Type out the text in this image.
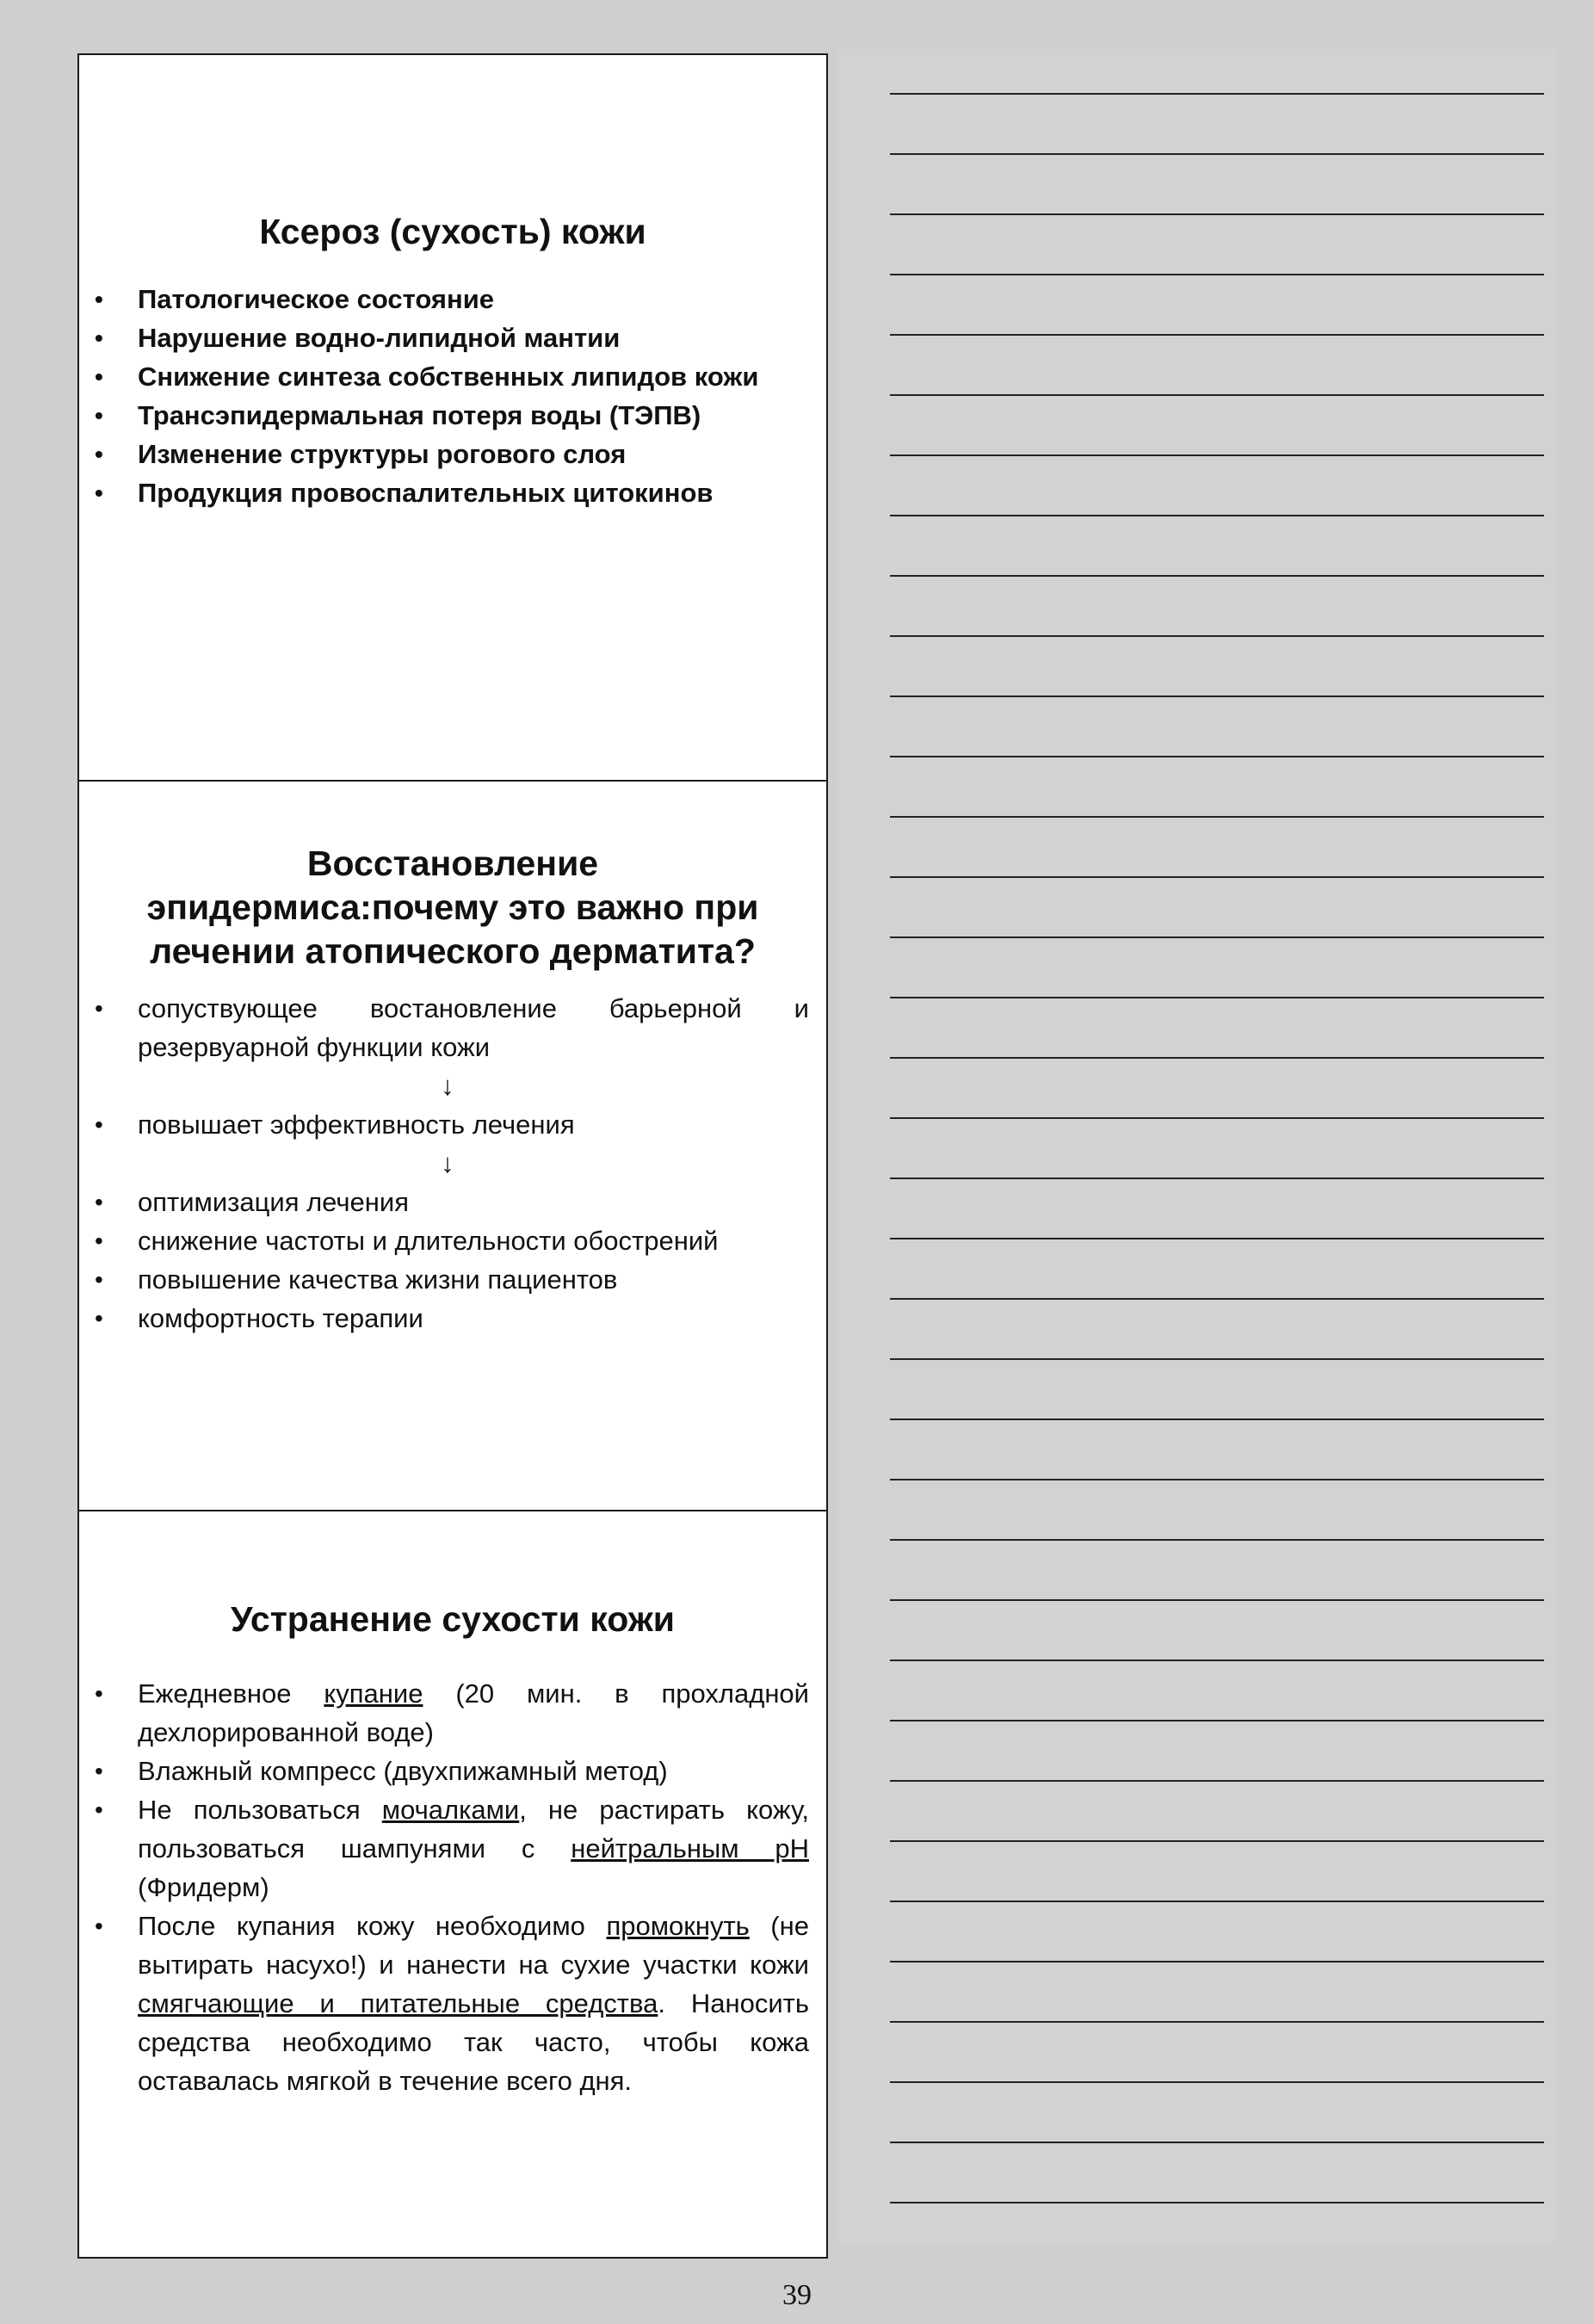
Ксероз (сухость) кожи
• Патологическое состояние
• Нарушение водно-липидной мантии
• Снижение синтеза собственных липидов кожи
• Трансэпидермальная потеря воды (ТЭПВ)
• Изменение структуры рогового слоя
• Продукция провоспалительных цитокинов
Восстановление эпидермиса:почему это важно при лечении атопического дерматита?
• сопуствующее востановление барьерной и резервуарной функции кожи
↓
• повышает эффективность лечения
↓
• оптимизация лечения
• снижение частоты и длительности обострений
• повышение качества жизни пациентов
• комфортность терапии
Устранение сухости кожи
• Ежедневное купание (20 мин. в прохладной дехлорированной воде)
• Влажный компресс (двухпижамный метод)
• Не пользоваться мочалками, не растирать кожу, пользоваться шампунями с нейтральным рН (Фридерм)
• После купания кожу необходимо промокнуть (не вытирать насухо!) и нанести на сухие участки кожи смягчающие и питательные средства. Наносить средства необходимо так часто, чтобы кожа оставалась мягкой в течение всего дня.
39
